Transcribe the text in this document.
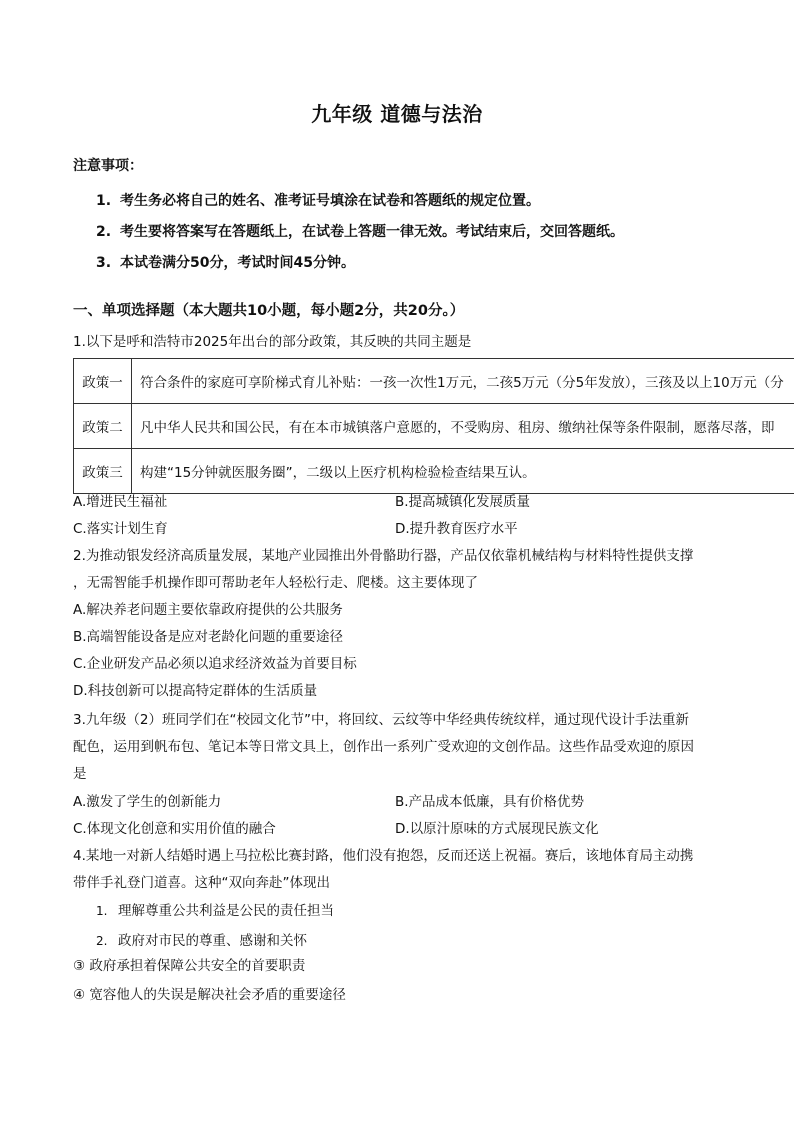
九年级 道德与法治
注意事项：
1. 考生务必将自己的姓名、准考证号填涂在试卷和答题纸的规定位置。
2. 考生要将答案写在答题纸上，在试卷上答题一律无效。考试结束后，交回答题纸。
3. 本试卷满分50分，考试时间45分钟。
一、单项选择题（本大题共10小题，每小题2分，共20分。）

1.以下是呼和浩特市2025年出台的部分政策，其反映的共同主题是

政策一	符合条件的家庭可享阶梯式育儿补贴：一孩一次性1万元，二孩5万元（分5年发放），三孩及以上10万元（分
政策二	凡中华人民共和国公民，有在本市城镇落户意愿的，不受购房、租房、缴纳社保等条件限制，愿落尽落，即
政策三	构建“15分钟就医服务圈”，二级以上医疗机构检验检查结果互认。
A.增进民生福祉	B.提高城镇化发展质量
C.落实计划生育	D.提升教育医疗水平

2.为推动银发经济高质量发展，某地产业园推出外骨骼助行器，产品仅依靠机械结构与材料特性提供支撑

，无需智能手机操作即可帮助老年人轻松行走、爬楼。这主要体现了

A.解决养老问题主要依靠政府提供的公共服务

B.高端智能设备是应对老龄化问题的重要途径

C.企业研发产品必须以追求经济效益为首要目标

D.科技创新可以提高特定群体的生活质量

3.九年级（2）班同学们在“校园文化节”中，将回纹、云纹等中华经典传统纹样，通过现代设计手法重新

配色，运用到帆布包、笔记本等日常文具上，创作出一系列广受欢迎的文创作品。这些作品受欢迎的原因

是

A.激发了学生的创新能力	B.产品成本低廉，具有价格优势
C.体现文化创意和实用价值的融合	D.以原汁原味的方式展现民族文化

4.某地一对新人结婚时遇上马拉松比赛封路，他们没有抱怨，反而还送上祝福。赛后，该地体育局主动携

带伴手礼登门道喜。这种“双向奔赴”体现出

1. 理解尊重公共利益是公民的责任担当
2. 政府对市民的尊重、感谢和关怀
③ 政府承担着保障公共安全的首要职责
④ 宽容他人的失误是解决社会矛盾的重要途径
